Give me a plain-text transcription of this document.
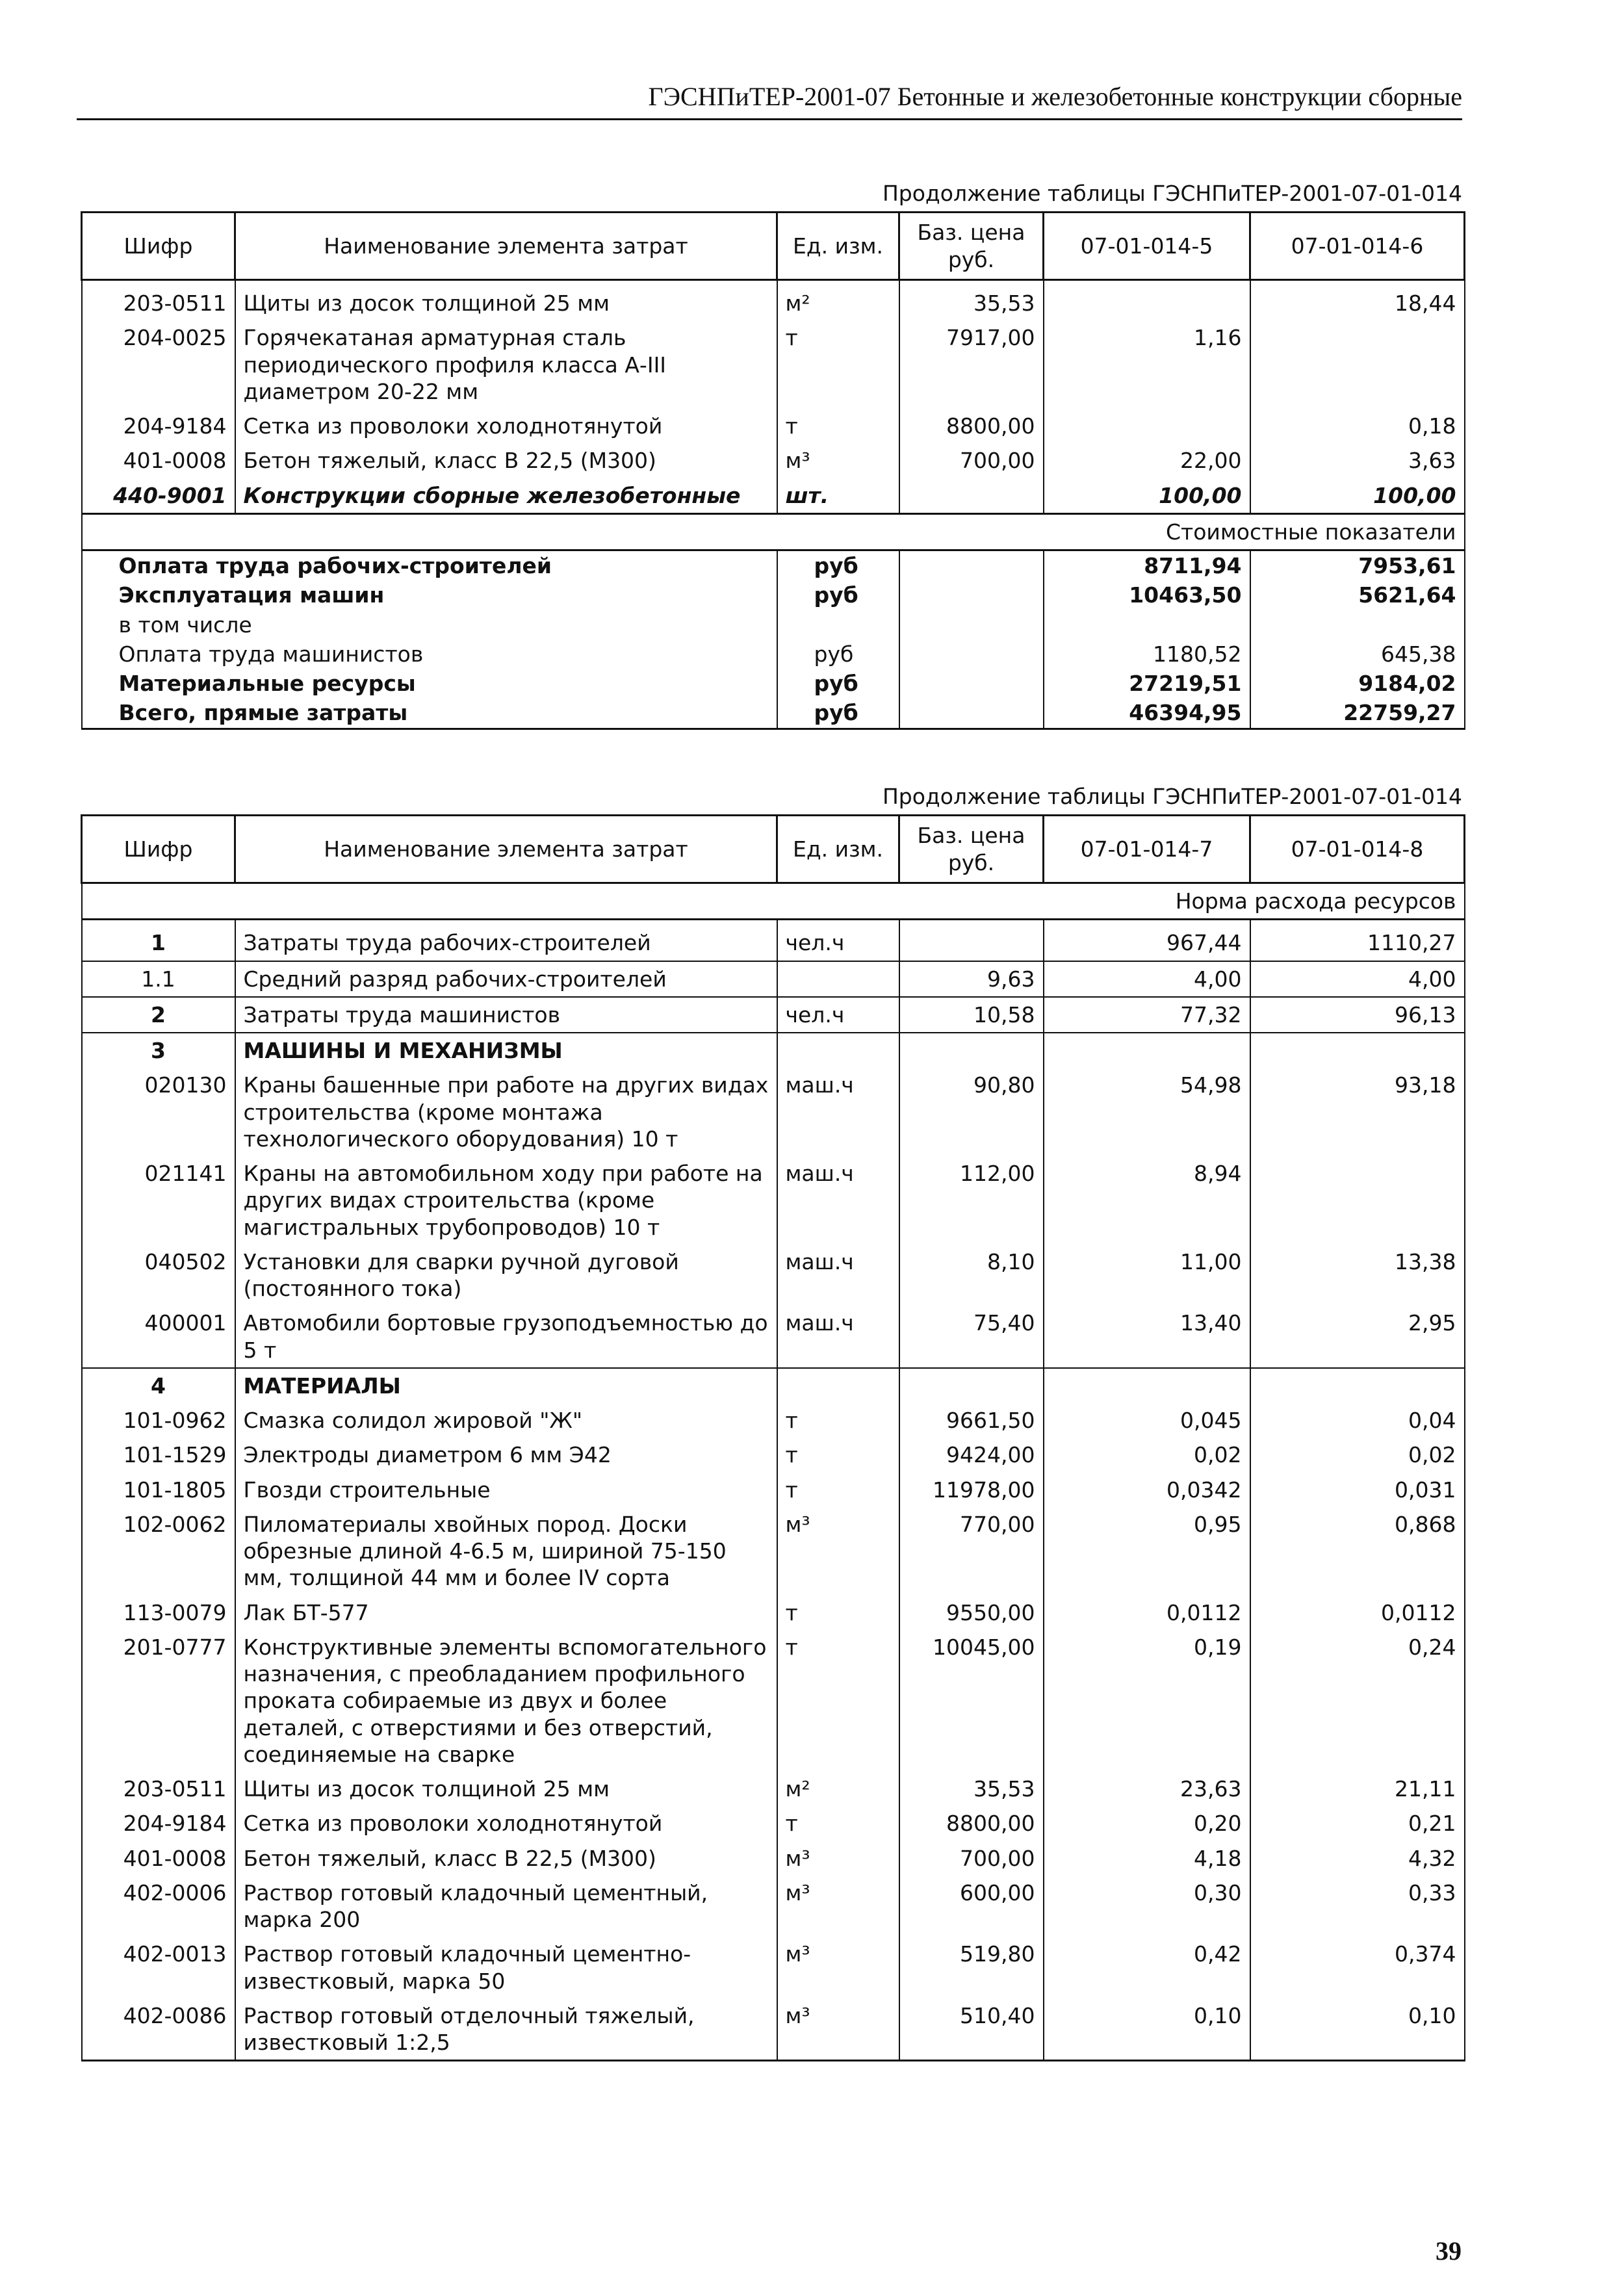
ГЭСНПиТЕР-2001-07 Бетонные и железобетонные конструкции сборные
Продолжение таблицы ГЭСНПиТЕР-2001-07-01-014
Шифр	Наименование элемента затрат	Ед. изм.	Баз. цена руб.	07-01-014-5	07-01-014-6
203-0511	Щиты из досок толщиной 25 мм	м²	35,53		18,44
204-0025	Горячекатаная арматурная сталь периодического профиля класса А-III диаметром 20-22 мм	т	7917,00	1,16	
204-9184	Сетка из проволоки холоднотянутой	т	8800,00		0,18
401-0008	Бетон тяжелый, класс В 22,5 (М300)	м³	700,00	22,00	3,63
440-9001	Конструкции сборные железобетонные	шт.		100,00	100,00
Стоимостные показатели					
Оплата труда рабочих-строителей		руб		8711,94	7953,61
Эксплуатация машин		руб		10463,50	5621,64
в том числе					
Оплата труда машинистов		руб		1180,52	645,38
Материальные ресурсы		руб		27219,51	9184,02
Всего, прямые затраты		руб		46394,95	22759,27
Продолжение таблицы ГЭСНПиТЕР-2001-07-01-014
Шифр	Наименование элемента затрат	Ед. изм.	Баз. цена руб.	07-01-014-7	07-01-014-8
Норма расхода ресурсов					
1	Затраты труда рабочих-строителей	чел.ч		967,44	1110,27
1.1	Средний разряд рабочих-строителей		9,63	4,00	4,00
2	Затраты труда машинистов	чел.ч	10,58	77,32	96,13
3	МАШИНЫ И МЕХАНИЗМЫ				
020130	Краны башенные при работе на других видах строительства (кроме монтажа технологического оборудования) 10 т	маш.ч	90,80	54,98	93,18
021141	Краны на автомобильном ходу при работе на других видах строительства (кроме магистральных трубопроводов) 10 т	маш.ч	112,00	8,94	
040502	Установки для сварки ручной дуговой (постоянного тока)	маш.ч	8,10	11,00	13,38
400001	Автомобили бортовые грузоподъемностью до 5 т	маш.ч	75,40	13,40	2,95
4	МАТЕРИАЛЫ				
101-0962	Смазка солидол жировой "Ж"	т	9661,50	0,045	0,04
101-1529	Электроды диаметром 6 мм Э42	т	9424,00	0,02	0,02
101-1805	Гвозди строительные	т	11978,00	0,0342	0,031
102-0062	Пиломатериалы хвойных пород. Доски обрезные длиной 4-6.5 м, шириной 75-150 мм, толщиной 44 мм и более IV сорта	м³	770,00	0,95	0,868
113-0079	Лак БТ-577	т	9550,00	0,0112	0,0112
201-0777	Конструктивные элементы вспомогательного назначения, с преобладанием профильного проката собираемые из двух и более деталей, с отверстиями и без отверстий, соединяемые на сварке	т	10045,00	0,19	0,24
203-0511	Щиты из досок толщиной 25 мм	м²	35,53	23,63	21,11
204-9184	Сетка из проволоки холоднотянутой	т	8800,00	0,20	0,21
401-0008	Бетон тяжелый, класс В 22,5 (М300)	м³	700,00	4,18	4,32
402-0006	Раствор готовый кладочный цементный, марка 200	м³	600,00	0,30	0,33
402-0013	Раствор готовый кладочный цементно-известковый, марка 50	м³	519,80	0,42	0,374
402-0086	Раствор готовый отделочный тяжелый, известковый 1:2,5	м³	510,40	0,10	0,10
39
